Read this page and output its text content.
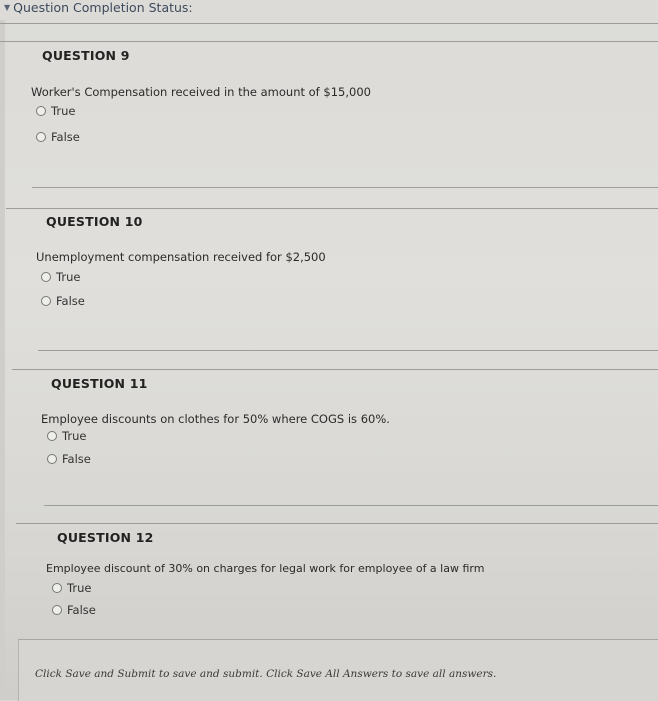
▼ Question Completion Status:
QUESTION 9
Worker's Compensation received in the amount of $15,000
True
False
QUESTION 10
Unemployment compensation received for $2,500
True
False
QUESTION 11
Employee discounts on clothes for 50% where COGS is 60%.
True
False
QUESTION 12
Employee discount of 30% on charges for legal work for employee of a law firm
True
False
Click Save and Submit to save and submit. Click Save All Answers to save all answers.
